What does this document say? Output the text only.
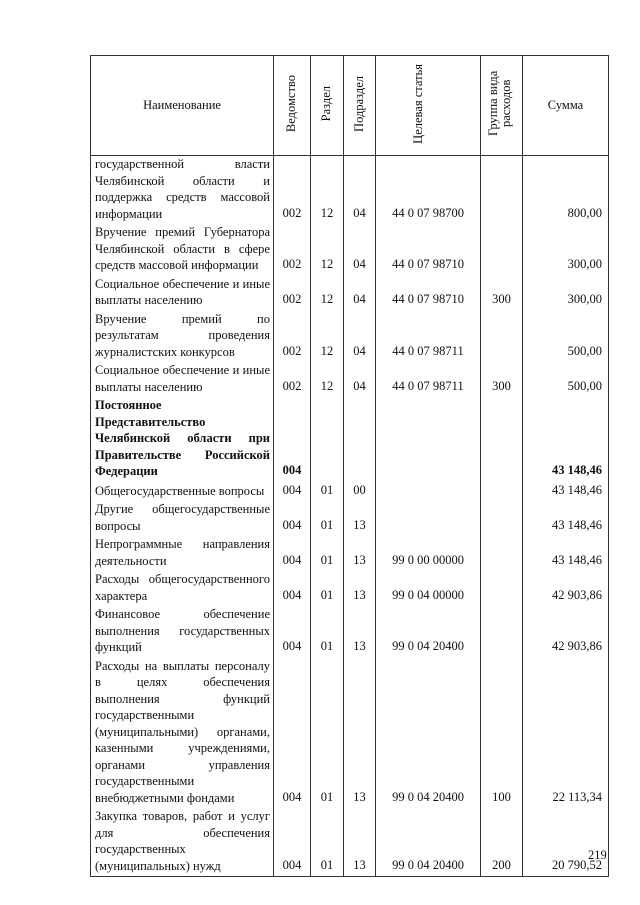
Наименование	Ведомство	Раздел	Подраздел	Целевая статья	Группа вида расходов	Сумма
государственной власти Челябинской области и поддержка средств массовой информации	002	12	04	44 0 07 98700		800,00
Вручение премий Губернатора Челябинской области в сфере средств массовой информации	002	12	04	44 0 07 98710		300,00
Социальное обеспечение и иные выплаты населению	002	12	04	44 0 07 98710	300	300,00
Вручение премий по результатам проведения журналистских конкурсов	002	12	04	44 0 07 98711		500,00
Социальное обеспечение и иные выплаты населению	002	12	04	44 0 07 98711	300	500,00
Постоянное Представительство Челябинской области при Правительстве Российской Федерации	004					43 148,46
Общегосударственные вопросы	004	01	00			43 148,46
Другие общегосударственные вопросы	004	01	13			43 148,46
Непрограммные направления деятельности	004	01	13	99 0 00 00000		43 148,46
Расходы общегосударственного характера	004	01	13	99 0 04 00000		42 903,86
Финансовое обеспечение выполнения государственных функций	004	01	13	99 0 04 20400		42 903,86
Расходы на выплаты персоналу в целях обеспечения выполнения функций государственными (муниципальными) органами, казенными учреждениями, органами управления государственными внебюджетными фондами	004	01	13	99 0 04 20400	100	22 113,34
Закупка товаров, работ и услуг для обеспечения государственных (муниципальных) нужд	004	01	13	99 0 04 20400	200	20 790,52
219
